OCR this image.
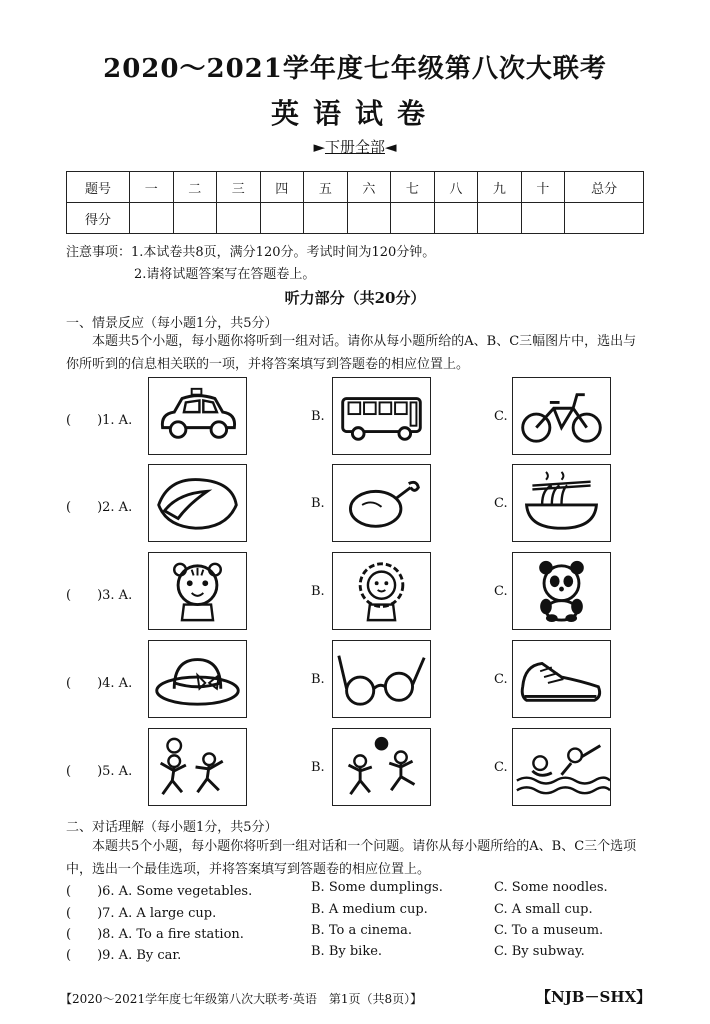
2020～2021学年度七年级第八次大联考
英语试卷
►下册全部◄
题号	一	二	三	四	五	六	七	八	九	十	总分
得分											
注意事项：1.本试卷共8页，满分120分。考试时间为120分钟。
2.请将试题答案写在答题卷上。
听力部分（共20分）
一、情景反应（每小题1分，共5分）
本题共5个小题，每小题你将听到一组对话。请你从每小题所给的A、B、C三幅图片中，选出与你所听到的信息相关联的一项，并将答案填写到答题卷的相应位置上。
(　　)1. A.	B.	C.
(　　)2. A.	B.	C.
(　　)3. A.	B.	C.
(　　)4. A.	B.	C.
(　　)5. A.	B.	C.
二、对话理解（每小题1分，共5分）
本题共5个小题，每小题你将听到一组对话和一个问题。请你从每小题所给的A、B、C三个选项中，选出一个最佳选项，并将答案填写到答题卷的相应位置上。
(　　)6. A. Some vegetables.	B. Some dumplings.	C. Some noodles.
(　　)7. A. A large cup.	B. A medium cup.	C. A small cup.
(　　)8. A. To a fire station.	B. To a cinema.	C. To a museum.
(　　)9. A. By car.	B. By bike.	C. By subway.
【2020～2021学年度七年级第八次大联考·英语　第1页（共8页）】	【NJB－SHX】
